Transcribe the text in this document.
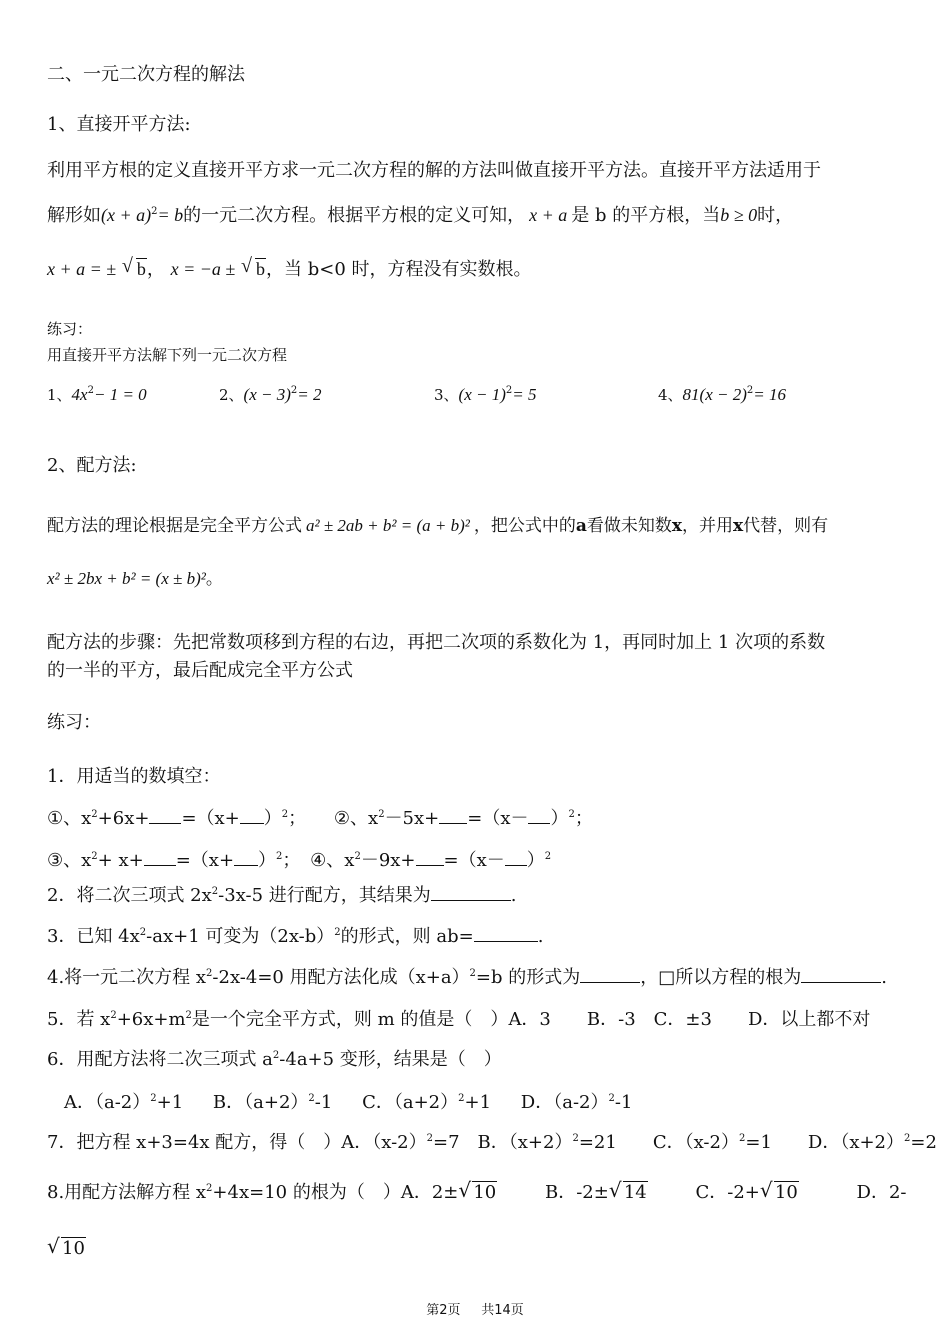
二、一元二次方程的解法
1、直接开平方法:
利用平方根的定义直接开平方求一元二次方程的解的方法叫做直接开平方法。直接开平方法适用于
解形如$(x + a)^2= b$的一元二次方程。根据平方根的定义可知， x + a 是 b 的平方根，当b ≥ 0时，
x + a = ± √ b， x = −a ± √ b，当 b<0 时，方程没有实数根。
练习：
用直接开平方法解下列一元二次方程
1、$4x^2- 1 = 0$	2、$(x - 3)^2= 2$	3、$(x - 1)^2= 5$	4、$81(x - 2)^2= 16$
2、配方法:
配方法的理论根据是完全平方公式 a² ± 2ab + b² = (a + b)² ，把公式中的a看做未知数x，并用x代替，则有
x² ± 2bx + b² = (x ± b)²。
配方法的步骤：先把常数项移到方程的右边，再把二次项的系数化为 1，再同时加上 1 次项的系数
的一半的平方，最后配成完全平方公式
练习：
1．用适当的数填空：
①、$x^2+6x+ =(x+ )^2$； ②、$x^2-5x+ =(x- )^2$；
③、$x^2+ x+ =(x+ )^2$； ④、$x^2-9x+ =(x- )^2$
2．将二次三项式 $2x^2-3x-5$ 进行配方，其结果为	.
3．已知 $4x^2-ax+1$ 可变为$(2x-b)^2$的形式，则 ab=	.
4.将一元二次方程 $x^2-2x-4=0$ 用配方法化成$(x+a)^2=b$ 的形式为	，□所以方程的根为	.
5．若 $x^2+6x+m^2$是一个完全平方式，则 m 的值是（　）A．3　　B．-3　C．±3　　D．以上都不对
6．用配方法将二次三项式 $a^2-4a+5$ 变形，结果是（　）
A．$(a-2)^2+1$ B．$(a+2)^2-1$ C．$(a+2)^2+1$ D．$(a-2)^2-1$
7．把方程 x+3=4x 配方，得（　）A．$(x-2)^2=7$　B．$(x+2)^2=21$　　C．$(x-2)^2=1$　　D．$(x+2)^2=2$
8.用配方法解方程 $x^2+4x=10$ 的根为（　）A．2± √ 10	B．-2± √ 14	C．-2+ √ 10	D．2-
√ 10
第2页 共14页
